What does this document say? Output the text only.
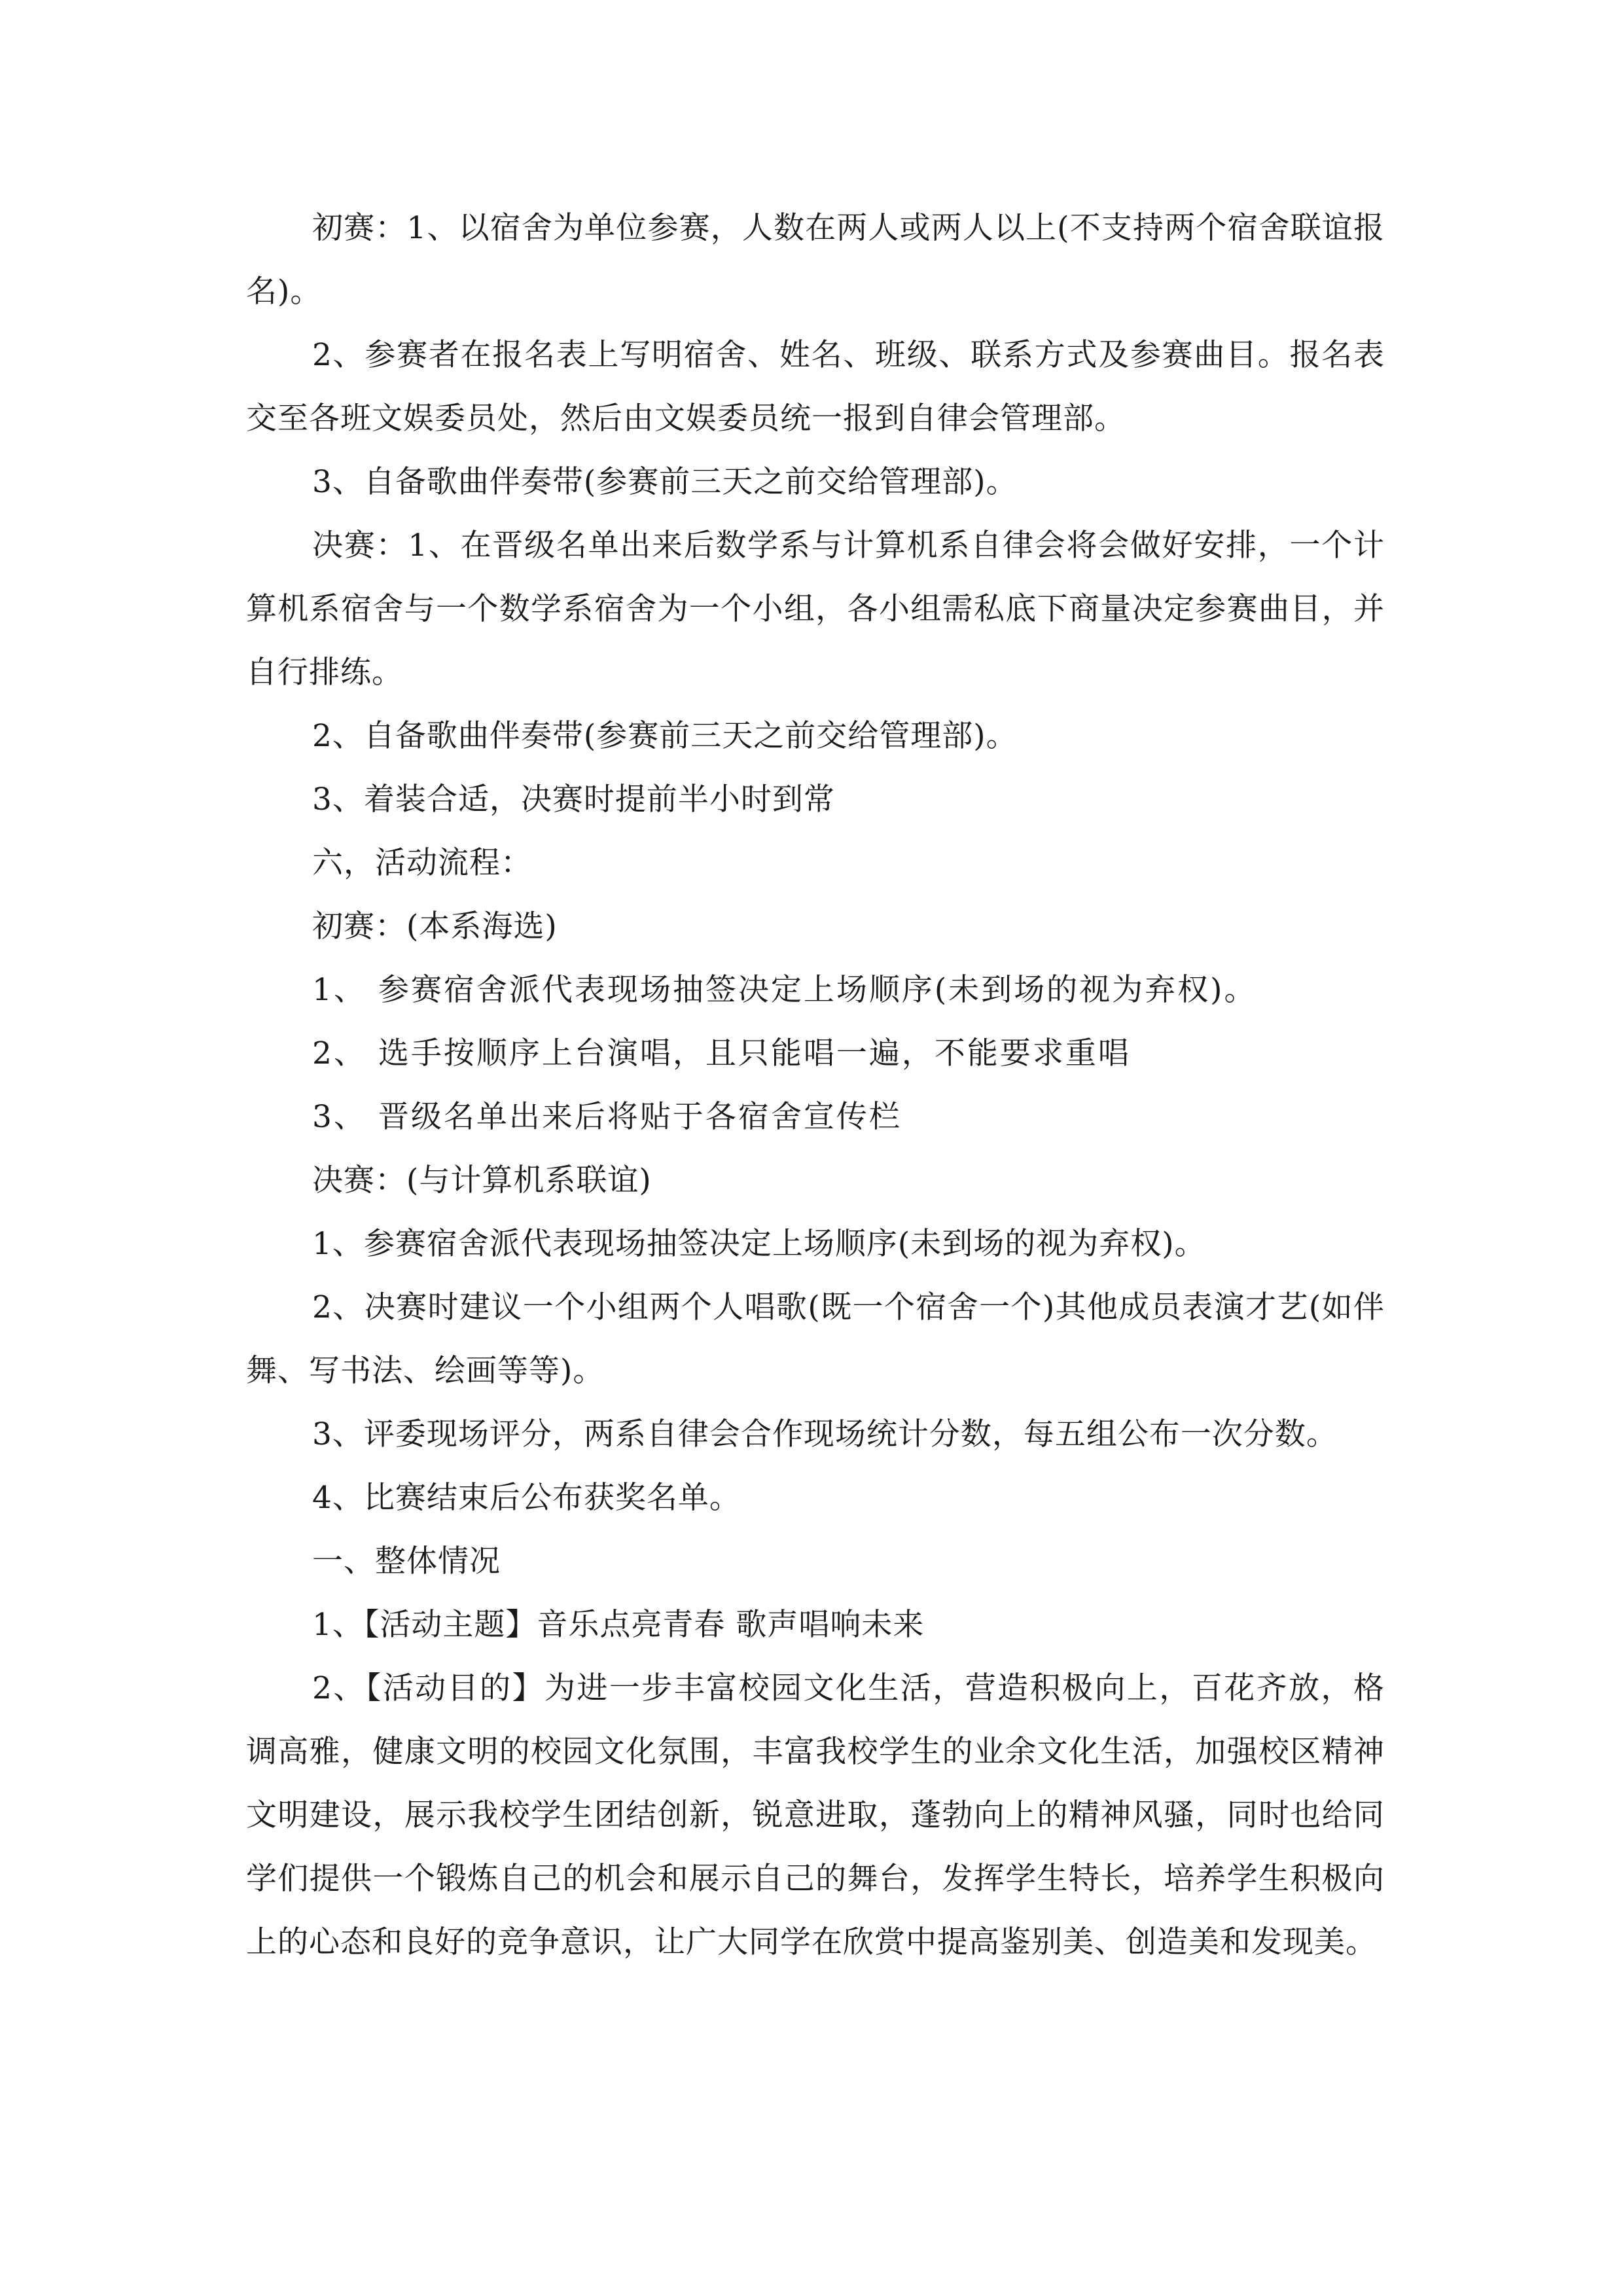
初赛：1、以宿舍为单位参赛，人数在两人或两人以上(不支持两个宿舍联谊报名)。

2、参赛者在报名表上写明宿舍、姓名、班级、联系方式及参赛曲目。报名表交至各班文娱委员处，然后由文娱委员统一报到自律会管理部。

3、自备歌曲伴奏带(参赛前三天之前交给管理部)。

决赛：1、在晋级名单出来后数学系与计算机系自律会将会做好安排，一个计算机系宿舍与一个数学系宿舍为一个小组，各小组需私底下商量决定参赛曲目，并自行排练。

2、自备歌曲伴奏带(参赛前三天之前交给管理部)。

3、着装合适，决赛时提前半小时到常

六，活动流程：

初赛：(本系海选)

1、 参赛宿舍派代表现场抽签决定上场顺序(未到场的视为弃权)。

2、 选手按顺序上台演唱，且只能唱一遍，不能要求重唱

3、 晋级名单出来后将贴于各宿舍宣传栏

决赛：(与计算机系联谊)

1、参赛宿舍派代表现场抽签决定上场顺序(未到场的视为弃权)。

2、决赛时建议一个小组两个人唱歌(既一个宿舍一个)其他成员表演才艺(如伴舞、写书法、绘画等等)。

3、评委现场评分，两系自律会合作现场统计分数，每五组公布一次分数。

4、比赛结束后公布获奖名单。

一、整体情况

1、【活动主题】音乐点亮青春 歌声唱响未来

2、【活动目的】为进一步丰富校园文化生活，营造积极向上，百花齐放，格调高雅，健康文明的校园文化氛围，丰富我校学生的业余文化生活，加强校区精神文明建设，展示我校学生团结创新，锐意进取，蓬勃向上的精神风骚，同时也给同学们提供一个锻炼自己的机会和展示自己的舞台，发挥学生特长，培养学生积极向上的心态和良好的竞争意识，让广大同学在欣赏中提高鉴别美、创造美和发现美。
